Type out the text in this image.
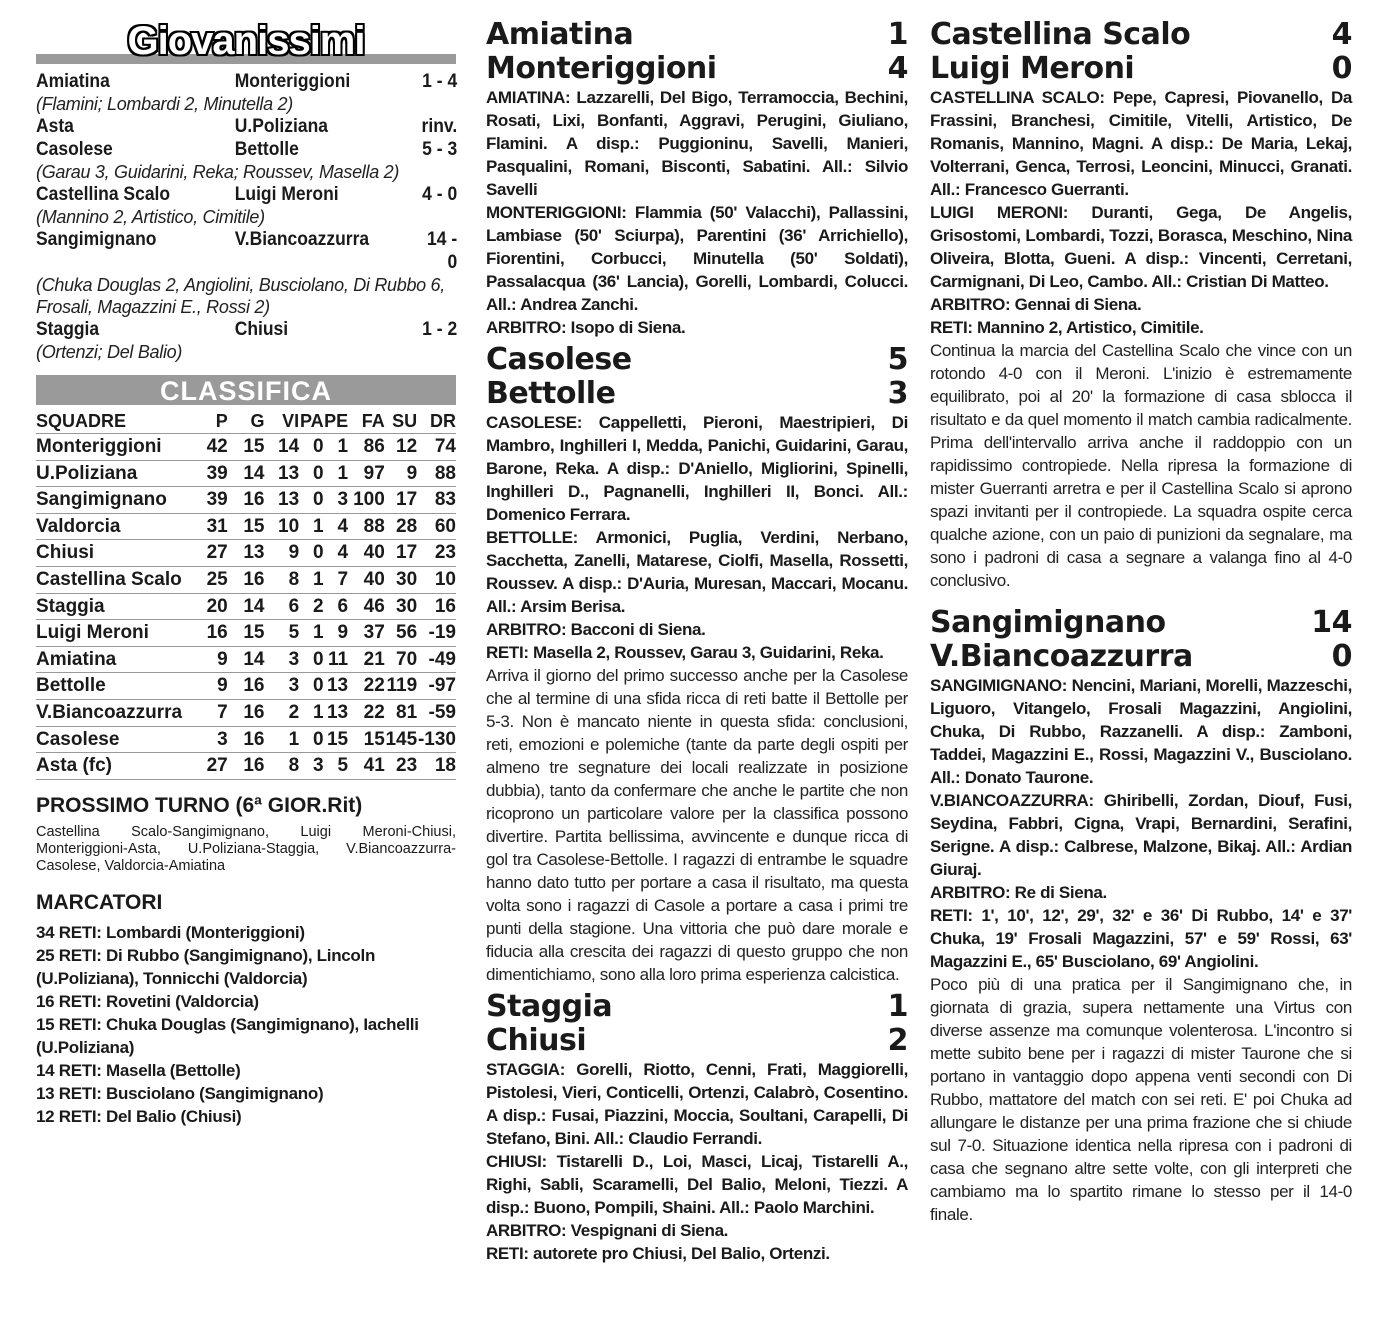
Giovanissimi
Amiatina	Monteriggioni	1 - 4
(Flamini; Lombardi 2, Minutella 2)
Asta	U.Poliziana	rinv.
Casolese	Bettolle	5 - 3
(Garau 3, Guidarini, Reka; Roussev, Masella 2)
Castellina Scalo	Luigi Meroni	4 - 0
(Mannino 2, Artistico, Cimitile)
Sangimignano	V.Biancoazzurra	14 - 0
(Chuka Douglas 2, Angiolini, Busciolano, Di Rubbo 6, Frosali, Magazzini E., Rossi 2)
Staggia	Chiusi	1 - 2
(Ortenzi; Del Balio)
CLASSIFICA
SQUADRE	P	G	VI	PA	PE	FA	SU	DR
Monteriggioni	42	15	14	0	1	86	12	74
U.Poliziana	39	14	13	0	1	97	9	88
Sangimignano	39	16	13	0	3	100	17	83
Valdorcia	31	15	10	1	4	88	28	60
Chiusi	27	13	9	0	4	40	17	23
Castellina Scalo	25	16	8	1	7	40	30	10
Staggia	20	14	6	2	6	46	30	16
Luigi Meroni	16	15	5	1	9	37	56	-19
Amiatina	9	14	3	0	11	21	70	-49
Bettolle	9	16	3	0	13	22	119	-97
V.Biancoazzurra	7	16	2	1	13	22	81	-59
Casolese	3	16	1	0	15	15	145	-130
Asta (fc)	27	16	8	3	5	41	23	18
PROSSIMO TURNO (6ª GIOR.Rit)
Castellina Scalo-Sangimignano, Luigi Meroni-Chiusi, Monteriggioni-Asta, U.Poliziana-Staggia, V.Biancoazzurra-Casolese, Valdorcia-Amiatina
MARCATORI
34 RETI: Lombardi (Monteriggioni)
25 RETI: Di Rubbo (Sangimignano), Lincoln (U.Poliziana), Tonnicchi (Valdorcia)
16 RETI: Rovetini (Valdorcia)
15 RETI: Chuka Douglas (Sangimignano), Iachelli (U.Poliziana)
14 RETI: Masella (Bettolle)
13 RETI: Busciolano (Sangimignano)
12 RETI: Del Balio (Chiusi)
Amiatina	1
Monteriggioni	4
AMIATINA: Lazzarelli, Del Bigo, Terramoccia, Bechini, Rosati, Lixi, Bonfanti, Aggravi, Perugini, Giuliano, Flamini. A disp.: Puggioninu, Savelli, Manieri, Pasqualini, Romani, Bisconti, Sabatini. All.: Silvio Savelli
MONTERIGGIONI: Flammia (50' Valacchi), Pallassini, Lambiase (50' Sciurpa), Parentini (36' Arrichiello), Fiorentini, Corbucci, Minutella (50' Soldati), Passalacqua (36' Lancia), Gorelli, Lombardi, Colucci. All.: Andrea Zanchi.
ARBITRO: Isopo di Siena.
Casolese	5
Bettolle	3
CASOLESE: Cappelletti, Pieroni, Maestripieri, Di Mambro, Inghilleri I, Medda, Panichi, Guidarini, Garau, Barone, Reka. A disp.: D'Aniello, Migliorini, Spinelli, Inghilleri D., Pagnanelli, Inghilleri II, Bonci. All.: Domenico Ferrara.
BETTOLLE: Armonici, Puglia, Verdini, Nerbano, Sacchetta, Zanelli, Matarese, Ciolfi, Masella, Rossetti, Roussev. A disp.: D'Auria, Muresan, Maccari, Mocanu. All.: Arsim Berisa.
ARBITRO: Bacconi di Siena.
RETI: Masella 2, Roussev, Garau 3, Guidarini, Reka.
Arriva il giorno del primo successo anche per la Casolese che al termine di una sfida ricca di reti batte il Bettolle per 5-3. Non è mancato niente in questa sfida: conclusioni, reti, emozioni e polemiche (tante da parte degli ospiti per almeno tre segnature dei locali realizzate in posizione dubbia), tanto da confermare che anche le partite che non ricoprono un particolare valore per la classifica possono divertire. Partita bellissima, avvincente e dunque ricca di gol tra Casolese-Bettolle. I ragazzi di entrambe le squadre hanno dato tutto per portare a casa il risultato, ma questa volta sono i ragazzi di Casole a portare a casa i primi tre punti della stagione. Una vittoria che può dare morale e fiducia alla crescita dei ragazzi di questo gruppo che non dimentichiamo, sono alla loro prima esperienza calcistica.
Staggia	1
Chiusi	2
STAGGIA: Gorelli, Riotto, Cenni, Frati, Maggiorelli, Pistolesi, Vieri, Conticelli, Ortenzi, Calabrò, Cosentino. A disp.: Fusai, Piazzini, Moccia, Soultani, Carapelli, Di Stefano, Bini. All.: Claudio Ferrandi.
CHIUSI: Tistarelli D., Loi, Masci, Licaj, Tistarelli A., Righi, Sabli, Scaramelli, Del Balio, Meloni, Tiezzi. A disp.: Buono, Pompili, Shaini. All.: Paolo Marchini.
ARBITRO: Vespignani di Siena.
RETI: autorete pro Chiusi, Del Balio, Ortenzi.
Castellina Scalo	4
Luigi Meroni	0
CASTELLINA SCALO: Pepe, Capresi, Piovanello, Da Frassini, Branchesi, Cimitile, Vitelli, Artistico, De Romanis, Mannino, Magni. A disp.: De Maria, Lekaj, Volterrani, Genca, Terrosi, Leoncini, Minucci, Granati. All.: Francesco Guerranti.
LUIGI MERONI: Duranti, Gega, De Angelis, Grisostomi, Lombardi, Tozzi, Borasca, Meschino, Nina Oliveira, Blotta, Gueni. A disp.: Vincenti, Cerretani, Carmignani, Di Leo, Cambo. All.: Cristian Di Matteo.
ARBITRO: Gennai di Siena.
RETI: Mannino 2, Artistico, Cimitile.
Continua la marcia del Castellina Scalo che vince con un rotondo 4-0 con il Meroni. L'inizio è estremamente equilibrato, poi al 20' la formazione di casa sblocca il risultato e da quel momento il match cambia radicalmente. Prima dell'intervallo arriva anche il raddoppio con un rapidissimo contropiede. Nella ripresa la formazione di mister Guerranti arretra e per il Castellina Scalo si aprono spazi invitanti per il contropiede. La squadra ospite cerca qualche azione, con un paio di punizioni da segnalare, ma sono i padroni di casa a segnare a valanga fino al 4-0 conclusivo.
Sangimignano	14
V.Biancoazzurra	0
SANGIMIGNANO: Nencini, Mariani, Morelli, Mazzeschi, Liguoro, Vitangelo, Frosali Magazzini, Angiolini, Chuka, Di Rubbo, Razzanelli. A disp.: Zamboni, Taddei, Magazzini E., Rossi, Magazzini V., Busciolano. All.: Donato Taurone.
V.BIANCOAZZURRA: Ghiribelli, Zordan, Diouf, Fusi, Seydina, Fabbri, Cigna, Vrapi, Bernardini, Serafini, Serigne. A disp.: Calbrese, Malzone, Bikaj. All.: Ardian Giuraj.
ARBITRO: Re di Siena.
RETI: 1', 10', 12', 29', 32' e 36' Di Rubbo, 14' e 37' Chuka, 19' Frosali Magazzini, 57' e 59' Rossi, 63' Magazzini E., 65' Busciolano, 69' Angiolini.
Poco più di una pratica per il Sangimignano che, in giornata di grazia, supera nettamente una Virtus con diverse assenze ma comunque volenterosa. L'incontro si mette subito bene per i ragazzi di mister Taurone che si portano in vantaggio dopo appena venti secondi con Di Rubbo, mattatore del match con sei reti. E' poi Chuka ad allungare le distanze per una prima frazione che si chiude sul 7-0. Situazione identica nella ripresa con i padroni di casa che segnano altre sette volte, con gli interpreti che cambiamo ma lo spartito rimane lo stesso per il 14-0 finale.
